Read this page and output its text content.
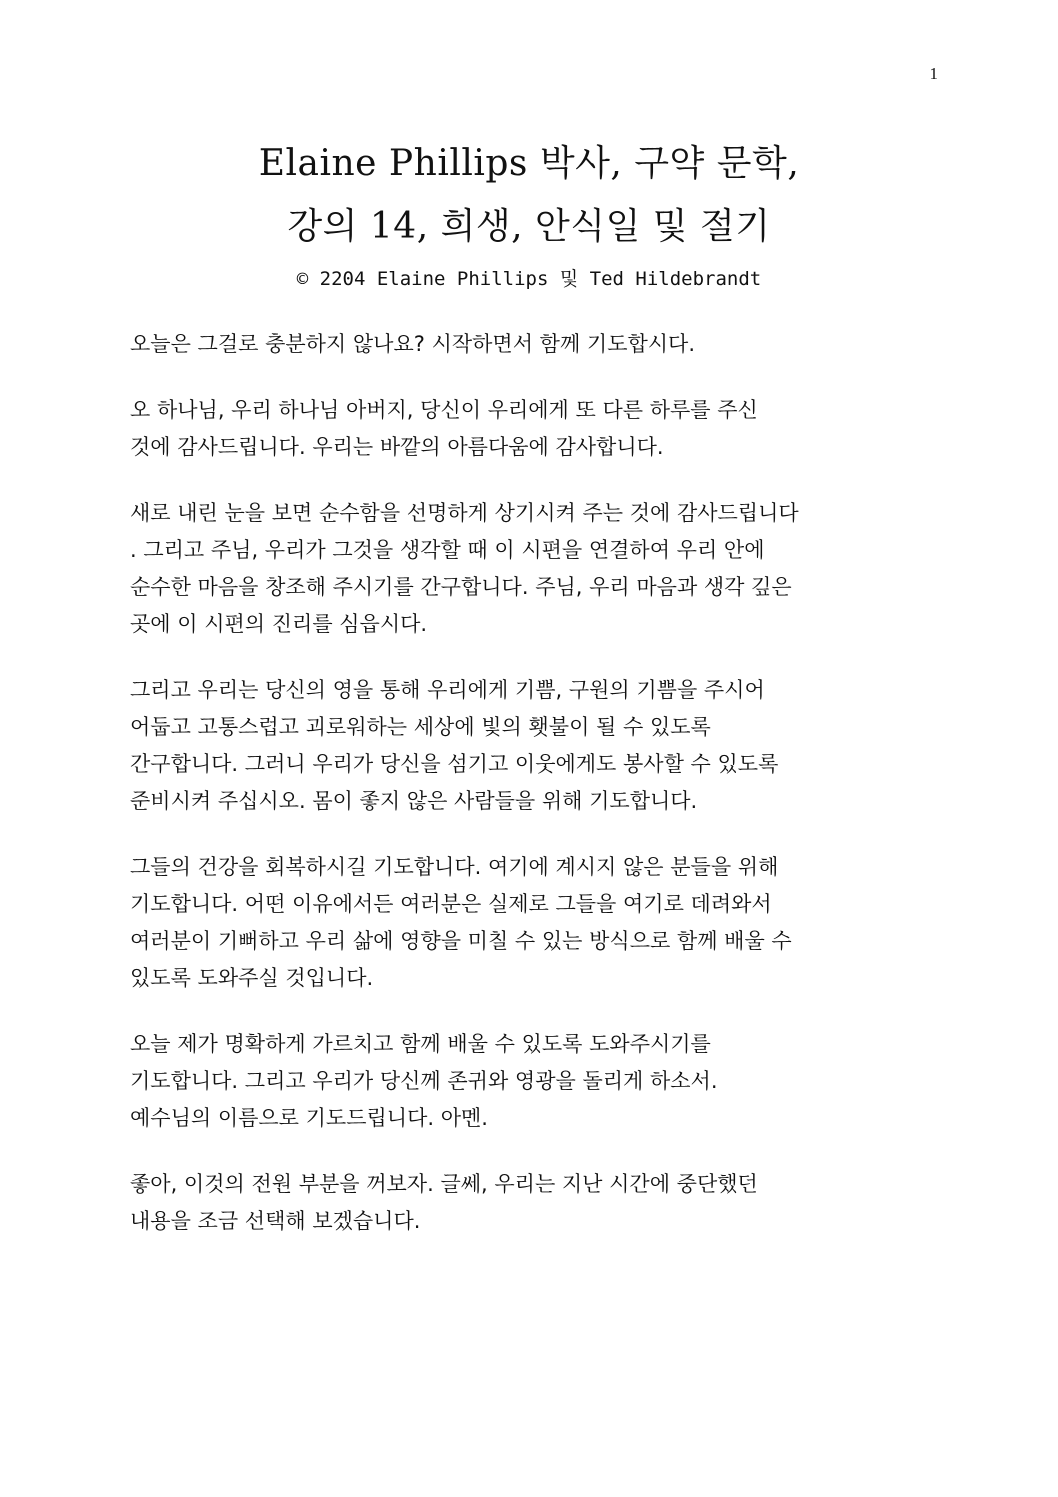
1
Elaine Phillips 박사, 구약 문학,
강의 14, 희생, 안식일 및 절기
© 2204 Elaine Phillips 및 Ted Hildebrandt

오늘은 그걸로 충분하지 않나요? 시작하면서 함께 기도합시다.

오 하나님, 우리 하나님 아버지, 당신이 우리에게 또 다른 하루를 주신
것에 감사드립니다. 우리는 바깥의 아름다움에 감사합니다.

새로 내린 눈을 보면 순수함을 선명하게 상기시켜 주는 것에 감사드립니다
. 그리고 주님, 우리가 그것을 생각할 때 이 시편을 연결하여 우리 안에
순수한 마음을 창조해 주시기를 간구합니다. 주님, 우리 마음과 생각 깊은
곳에 이 시편의 진리를 심읍시다.

그리고 우리는 당신의 영을 통해 우리에게 기쁨, 구원의 기쁨을 주시어
어둡고 고통스럽고 괴로워하는 세상에 빛의 횃불이 될 수 있도록
간구합니다. 그러니 우리가 당신을 섬기고 이웃에게도 봉사할 수 있도록
준비시켜 주십시오. 몸이 좋지 않은 사람들을 위해 기도합니다.

그들의 건강을 회복하시길 기도합니다. 여기에 계시지 않은 분들을 위해
기도합니다. 어떤 이유에서든 여러분은 실제로 그들을 여기로 데려와서
여러분이 기뻐하고 우리 삶에 영향을 미칠 수 있는 방식으로 함께 배울 수
있도록 도와주실 것입니다.

오늘 제가 명확하게 가르치고 함께 배울 수 있도록 도와주시기를
기도합니다. 그리고 우리가 당신께 존귀와 영광을 돌리게 하소서.
예수님의 이름으로 기도드립니다. 아멘.

좋아, 이것의 전원 부분을 꺼보자. 글쎄, 우리는 지난 시간에 중단했던
내용을 조금 선택해 보겠습니다.
